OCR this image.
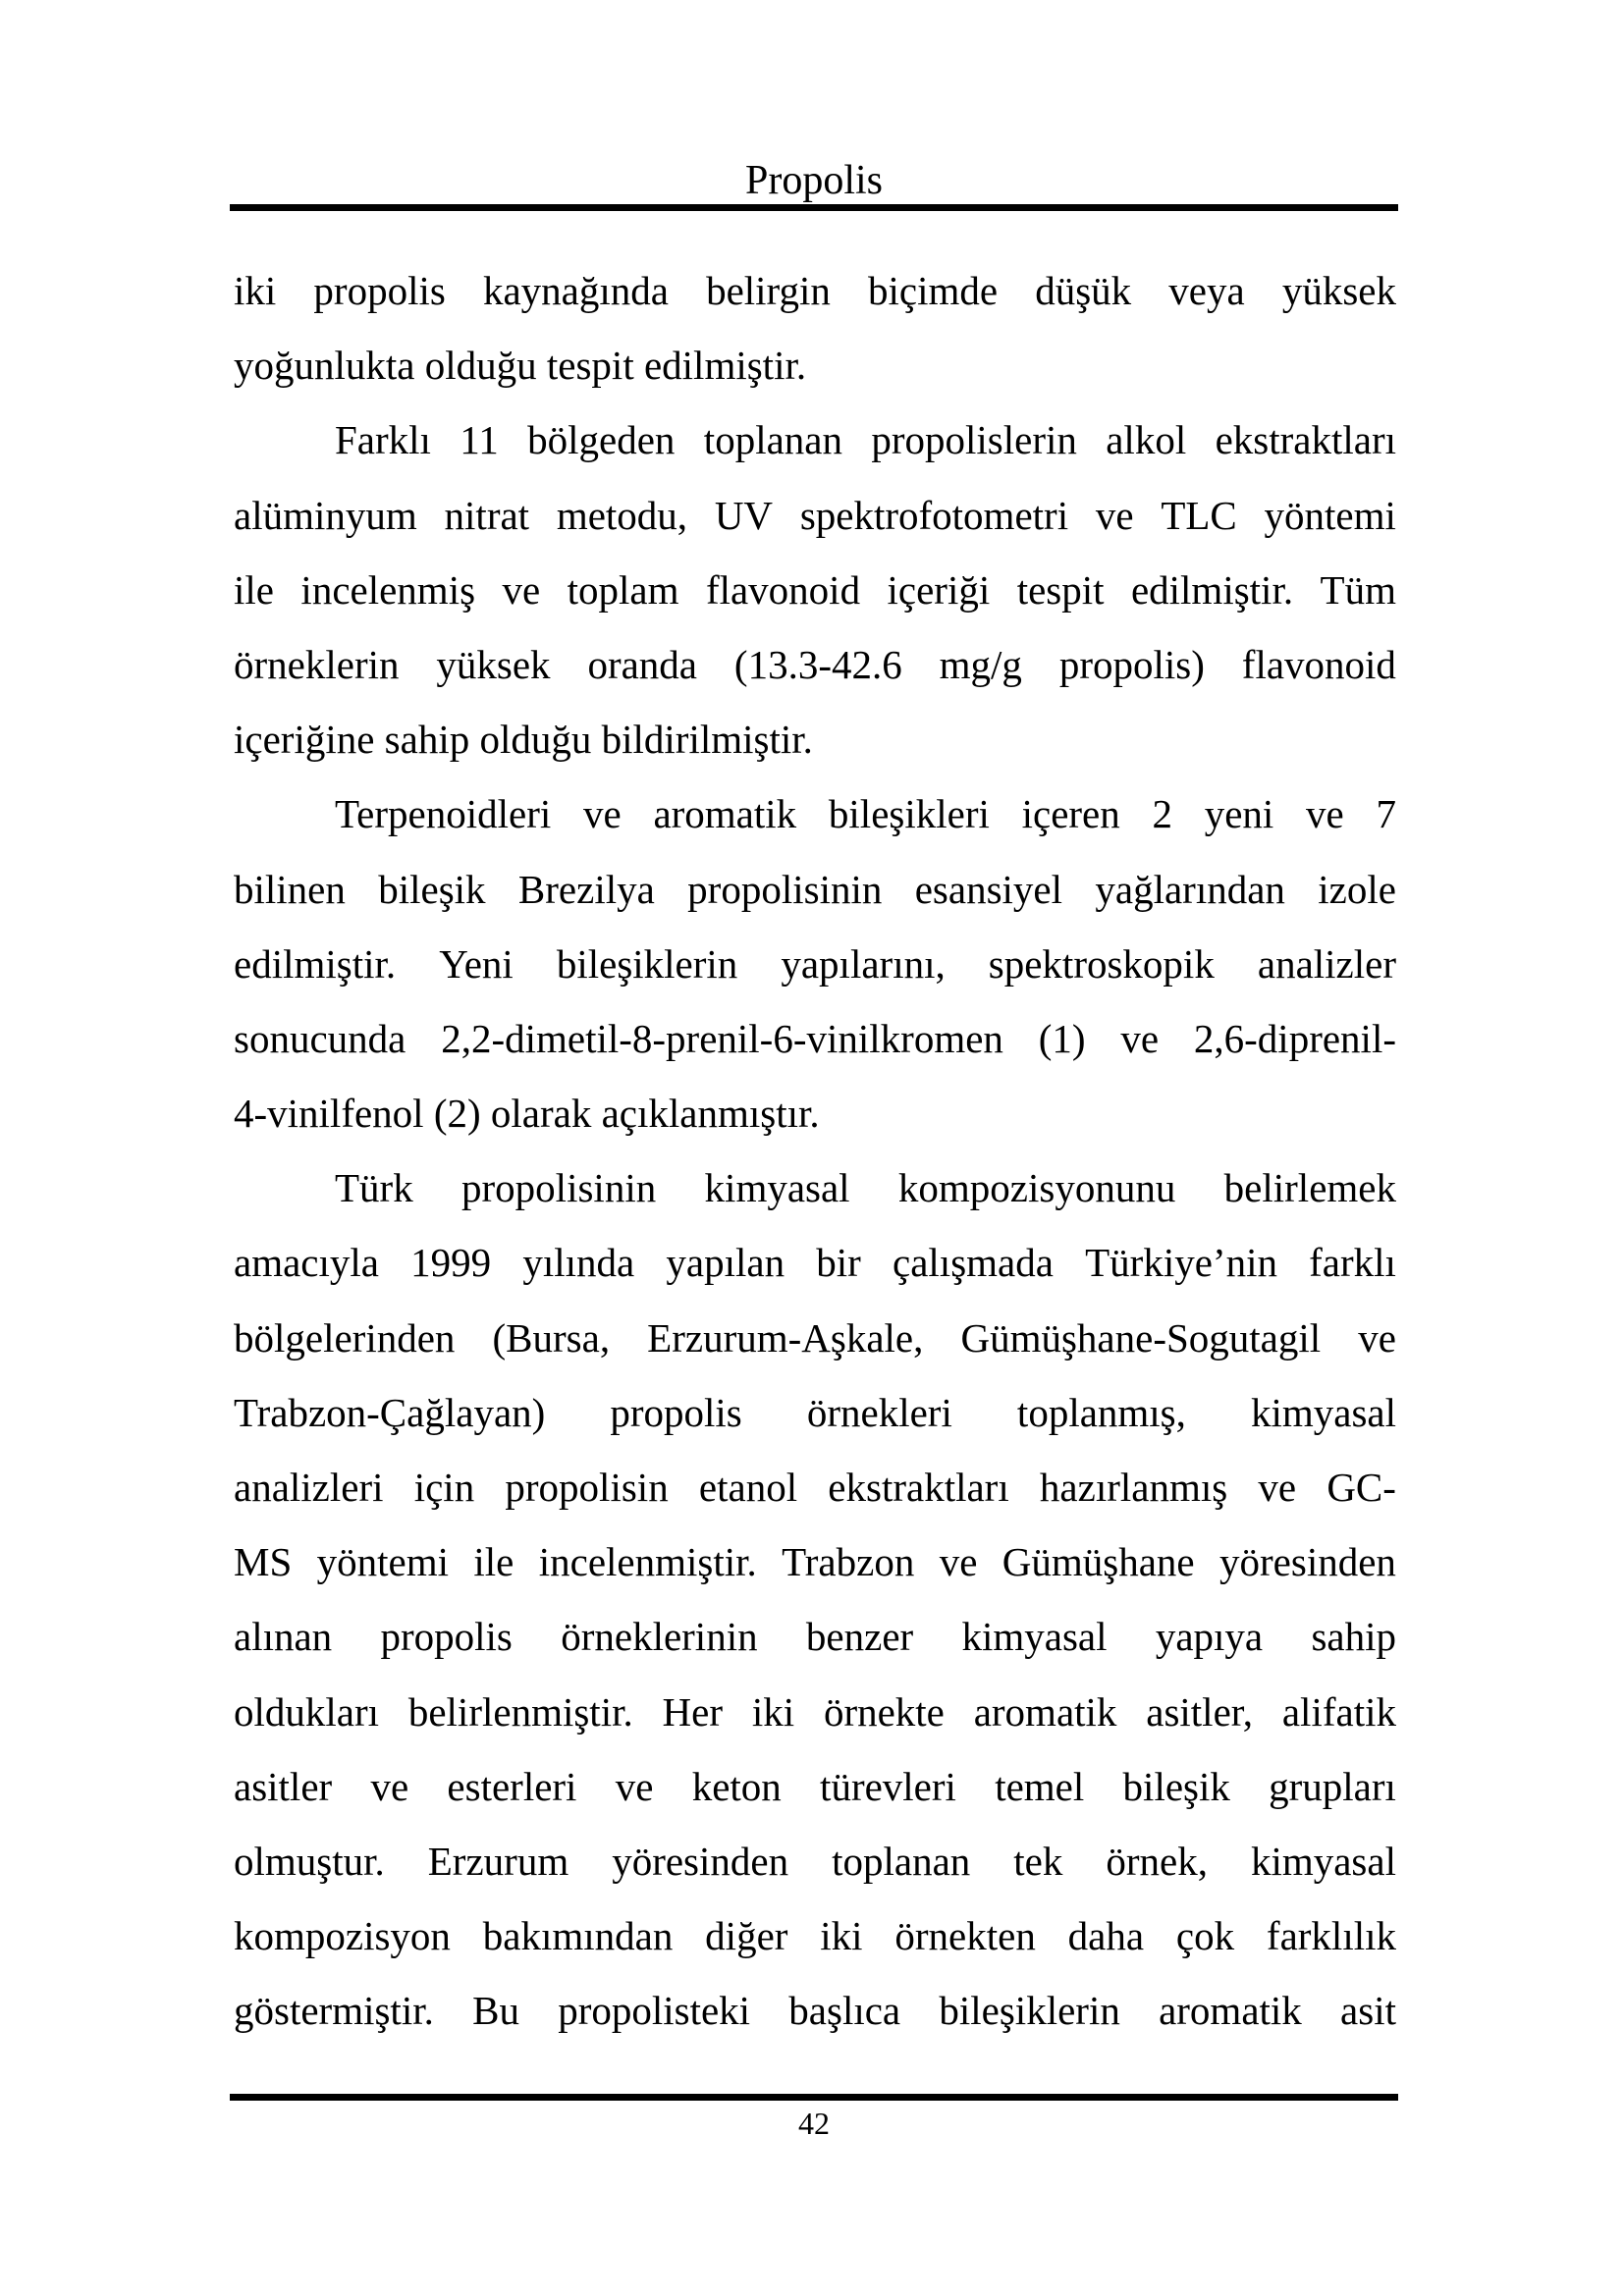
Propolis
iki propolis kaynağında belirgin biçimde düşük veya yüksek
yoğunlukta olduğu tespit edilmiştir.
Farklı 11 bölgeden toplanan propolislerin alkol ekstraktları
alüminyum nitrat metodu, UV spektrofotometri ve TLC yöntemi
ile incelenmiş ve toplam flavonoid içeriği tespit edilmiştir. Tüm
örneklerin yüksek oranda (13.3-42.6 mg/g propolis) flavonoid
içeriğine sahip olduğu bildirilmiştir.
Terpenoidleri ve aromatik bileşikleri içeren 2 yeni ve 7
bilinen bileşik Brezilya propolisinin esansiyel yağlarından izole
edilmiştir. Yeni bileşiklerin yapılarını, spektroskopik analizler
sonucunda 2,2-dimetil-8-prenil-6-vinilkromen (1) ve 2,6-diprenil-
4-vinilfenol (2) olarak açıklanmıştır.
Türk propolisinin kimyasal kompozisyonunu belirlemek
amacıyla 1999 yılında yapılan bir çalışmada Türkiye’nin farklı
bölgelerinden (Bursa, Erzurum-Aşkale, Gümüşhane-Sogutagil ve
Trabzon-Çağlayan) propolis örnekleri toplanmış, kimyasal
analizleri için propolisin etanol ekstraktları hazırlanmış ve GC-
MS yöntemi ile incelenmiştir. Trabzon ve Gümüşhane yöresinden
alınan propolis örneklerinin benzer kimyasal yapıya sahip
oldukları belirlenmiştir. Her iki örnekte aromatik asitler, alifatik
asitler ve esterleri ve keton türevleri temel bileşik grupları
olmuştur. Erzurum yöresinden toplanan tek örnek, kimyasal
kompozisyon bakımından diğer iki örnekten daha çok farklılık
göstermiştir. Bu propolisteki başlıca bileşiklerin aromatik asit
42
